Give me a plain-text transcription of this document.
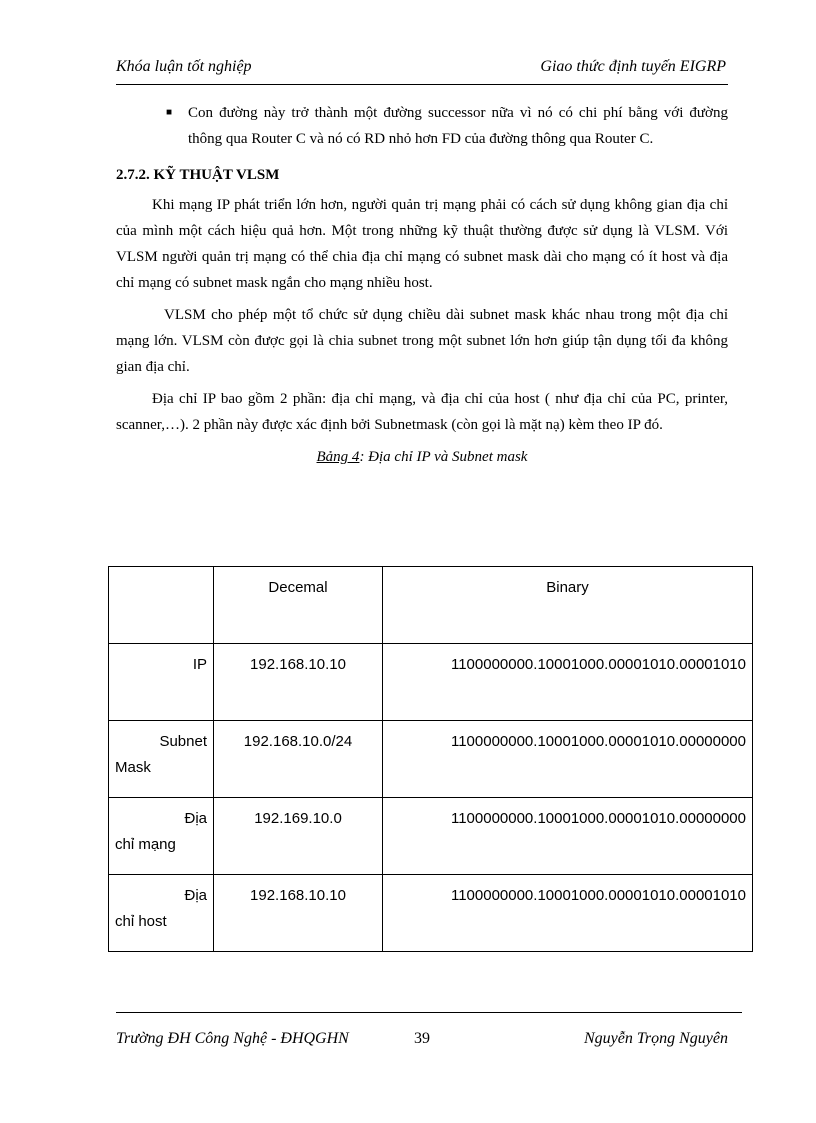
Khóa luận tốt nghiệp	Giao thức định tuyến EIGRP
■ Con đường này trở thành một đường successor nữa vì nó có chi phí bằng với đường thông qua Router C và nó có RD nhỏ hơn FD của đường thông qua Router C.
2.7.2. KỸ THUẬT VLSM

Khi mạng IP phát triển lớn hơn, người quản trị mạng phải có cách sử dụng không gian địa chỉ của mình một cách hiệu quả hơn. Một trong những kỹ thuật thường được sử dụng là VLSM. Với VLSM người quản trị mạng có thể chia địa chỉ mạng có subnet mask dài cho mạng có ít host và địa chỉ mạng có subnet mask ngắn cho mạng nhiều host.

VLSM cho phép một tổ chức sử dụng chiều dài subnet mask khác nhau trong một địa chỉ mạng lớn. VLSM còn được gọi là chia subnet trong một subnet lớn hơn giúp tận dụng tối đa không gian địa chỉ.

Địa chỉ IP bao gồm 2 phần: địa chỉ mạng, và địa chỉ của host ( như địa chỉ của PC, printer, scanner,…). 2 phần này được xác định bởi Subnetmask (còn gọi là mặt nạ) kèm theo IP đó.

Bảng 4: Địa chỉ IP và Subnet mask
	Decemal	Binary
IP	192.168.10.10	1100000000.10001000.00001010.00001010

Subnet
Mask	192.168.10.0/24	1100000000.10001000.00001010.00000000

Địa
chỉ mạng	192.169.10.0	1100000000.10001000.00001010.00000000

Địa
chỉ host	192.168.10.10	1100000000.10001000.00001010.00001010
Trường ĐH Công Nghệ - ĐHQGHN	39	Nguyễn Trọng Nguyên
